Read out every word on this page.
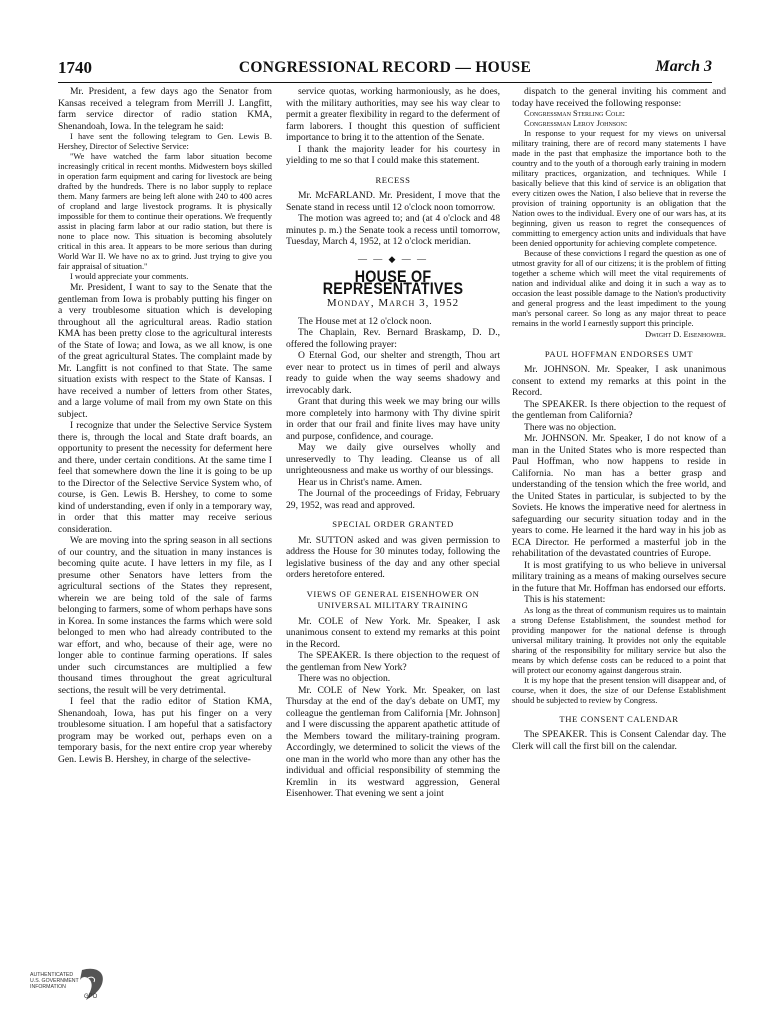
1740	CONGRESSIONAL RECORD — HOUSE	March 3

Mr. President, a few days ago the Senator from Kansas received a telegram from Merrill J. Langfitt, farm service director of radio station KMA, Shenandoah, Iowa. In the telegram he said:

I have sent the following telegram to Gen. Lewis B. Hershey, Director of Selective Service:

"We have watched the farm labor situation become increasingly critical in recent months. Midwestern boys skilled in operation farm equipment and caring for livestock are being drafted by the hundreds. There is no labor supply to replace them. Many farmers are being left alone with 240 to 400 acres of cropland and large livestock programs. It is physically impossible for them to continue their operations. We frequently assist in placing farm labor at our radio station, but there is none to place now. This situation is becoming absolutely critical in this area. It appears to be more serious than during World War II. We have no ax to grind. Just trying to give you fair appraisal of situation."

I would appreciate your comments.

Mr. President, I want to say to the Senate that the gentleman from Iowa is probably putting his finger on a very troublesome situation which is developing throughout all the agricultural areas. Radio station KMA has been pretty close to the agricultural interests of the State of Iowa; and Iowa, as we all know, is one of the great agricultural States. The complaint made by Mr. Langfitt is not confined to that State. The same situation exists with respect to the State of Kansas. I have received a number of letters from other States, and a large volume of mail from my own State on this subject.

I recognize that under the Selective Service System there is, through the local and State draft boards, an opportunity to present the necessity for deferment here and there, under certain conditions. At the same time I feel that somewhere down the line it is going to be up to the Director of the Selective Service System who, of course, is Gen. Lewis B. Hershey, to come to some kind of understanding, even if only in a temporary way, in order that this matter may receive serious consideration.

We are moving into the spring season in all sections of our country, and the situation in many instances is becoming quite acute. I have letters in my file, as I presume other Senators have letters from the agricultural sections of the States they represent, wherein we are being told of the sale of farms belonging to farmers, some of whom perhaps have sons in Korea. In some instances the farms which were sold belonged to men who had already contributed to the war effort, and who, because of their age, were no longer able to continue farming operations. If sales under such circumstances are multiplied a few thousand times throughout the great agricultural sections, the result will be very detrimental.

I feel that the radio editor of Station KMA, Shenandoah, Iowa, has put his finger on a very troublesome situation. I am hopeful that a satisfactory program may be worked out, perhaps even on a temporary basis, for the next entire crop year whereby Gen. Lewis B. Hershey, in charge of the selective-

service quotas, working harmoniously, as he does, with the military authorities, may see his way clear to permit a greater flexibility in regard to the deferment of farm laborers. I thought this question of sufficient importance to bring it to the attention of the Senate.

I thank the majority leader for his courtesy in yielding to me so that I could make this statement.

RECESS

Mr. McFARLAND. Mr. President, I move that the Senate stand in recess until 12 o'clock noon tomorrow.

The motion was agreed to; and (at 4 o'clock and 48 minutes p. m.) the Senate took a recess until tomorrow, Tuesday, March 4, 1952, at 12 o'clock meridian.

— — ◆ — —
HOUSE OF REPRESENTATIVES
Monday, March 3, 1952

The House met at 12 o'clock noon.

The Chaplain, Rev. Bernard Braskamp, D. D., offered the following prayer:

O Eternal God, our shelter and strength, Thou art ever near to protect us in times of peril and always ready to guide when the way seems shadowy and irrevocably dark.

Grant that during this week we may bring our wills more completely into harmony with Thy divine spirit in order that our frail and finite lives may have unity and purpose, confidence, and courage.

May we daily give ourselves wholly and unreservedly to Thy leading. Cleanse us of all unrighteousness and make us worthy of our blessings.

Hear us in Christ's name. Amen.

The Journal of the proceedings of Friday, February 29, 1952, was read and approved.

SPECIAL ORDER GRANTED

Mr. SUTTON asked and was given permission to address the House for 30 minutes today, following the legislative business of the day and any other special orders heretofore entered.

VIEWS OF GENERAL EISENHOWER ON UNIVERSAL MILITARY TRAINING

Mr. COLE of New York. Mr. Speaker, I ask unanimous consent to extend my remarks at this point in the Record.

The SPEAKER. Is there objection to the request of the gentleman from New York?

There was no objection.

Mr. COLE of New York. Mr. Speaker, on last Thursday at the end of the day's debate on UMT, my colleague the gentleman from California [Mr. Johnson] and I were discussing the apparent apathetic attitude of the Members toward the military-training program. Accordingly, we determined to solicit the views of the one man in the world who more than any other has the individual and official responsibility of stemming the Kremlin in its westward aggression, General Eisenhower. That evening we sent a joint

dispatch to the general inviting his comment and today have received the following response:

Congressman Sterling Cole:

Congressman Leroy Johnson:

In response to your request for my views on universal military training, there are of record many statements I have made in the past that emphasize the importance both to the country and to the youth of a thorough early training in modern military practices, organization, and techniques. While I basically believe that this kind of service is an obligation that every citizen owes the Nation, I also believe that in reverse the provision of training opportunity is an obligation that the Nation owes to the individual. Every one of our wars has, at its beginning, given us reason to regret the consequences of committing to emergency action units and individuals that have been denied opportunity for achieving complete competence.

Because of these convictions I regard the question as one of utmost gravity for all of our citizens; it is the problem of fitting together a scheme which will meet the vital requirements of nation and individual alike and doing it in such a way as to occasion the least possible damage to the Nation's productivity and general progress and the least impediment to the young man's personal career. So long as any major threat to peace remains in the world I earnestly support this principle.

Dwight D. Eisenhower.

PAUL HOFFMAN ENDORSES UMT

Mr. JOHNSON. Mr. Speaker, I ask unanimous consent to extend my remarks at this point in the Record.

The SPEAKER. Is there objection to the request of the gentleman from California?

There was no objection.

Mr. JOHNSON. Mr. Speaker, I do not know of a man in the United States who is more respected than Paul Hoffman, who now happens to reside in California. No man has a better grasp and understanding of the tension which the free world, and the United States in particular, is subjected to by the Soviets. He knows the imperative need for alertness in safeguarding our security situation today and in the years to come. He learned it the hard way in his job as ECA Director. He performed a masterful job in the rehabilitation of the devastated countries of Europe.

It is most gratifying to us who believe in universal military training as a means of making ourselves secure in the future that Mr. Hoffman has endorsed our efforts.

This is his statement:

As long as the threat of communism requires us to maintain a strong Defense Establishment, the soundest method for providing manpower for the national defense is through universal military training. It provides not only the equitable sharing of the responsibility for military service but also the means by which defense costs can be reduced to a point that will protect our economy against dangerous strain.

It is my hope that the present tension will disappear and, of course, when it does, the size of our Defense Establishment should be subjected to review by Congress.

THE CONSENT CALENDAR

The SPEAKER. This is Consent Calendar day. The Clerk will call the first bill on the calendar.

AUTHENTICATED
U.S. GOVERNMENT
INFORMATION
GPO
